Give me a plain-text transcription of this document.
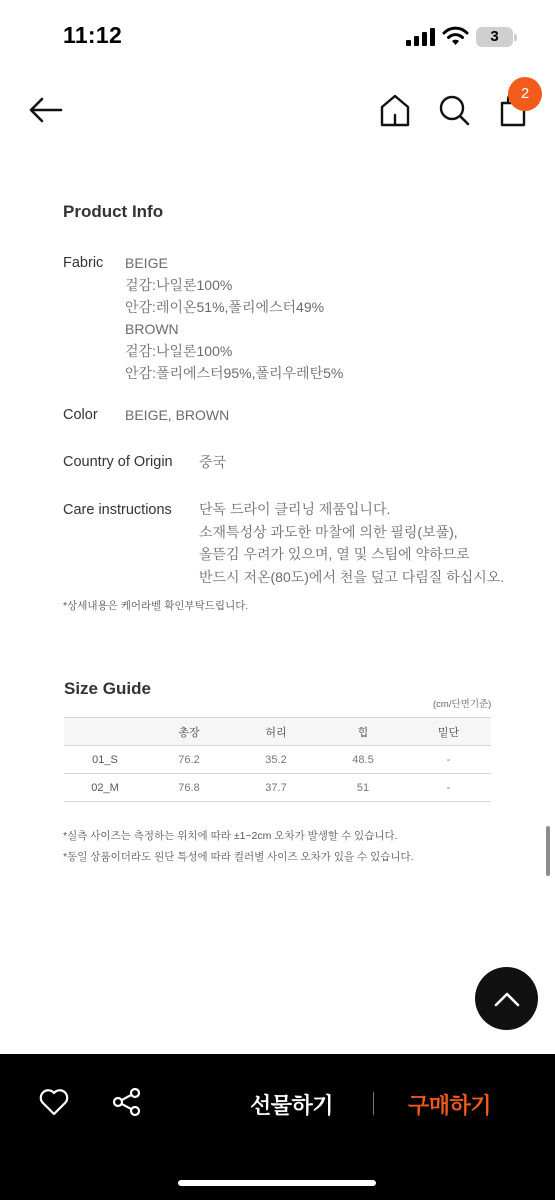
11:12	3
2
Product Info
Fabric BEIGE
겉감:나일론100%
안감:레이온51%,폴리에스터49%
BROWN
겉감:나일론100%
안감:폴리에스터95%,폴리우레탄5%
Color BEIGE, BROWN
Country of Origin 중국
Care instructions 단독 드라이 클리닝 제품입니다.
소재특성상 과도한 마찰에 의한 필링(보풀),
올뜯김 우려가 있으며, 열 및 스팀에 약하므로
반드시 저온(80도)에서 천을 덮고 다림질 하십시오.
*상세내용은 케어라벨 확인부탁드립니다.
Size Guide
(cm/단면기준)
	총장	허리	힙	밑단
01_S	76.2	35.2	48.5	-
02_M	76.8	37.7	51	-
*실측 사이즈는 측정하는 위치에 따라 ±1~2cm 오차가 발생할 수 있습니다.
*동일 상품이더라도 원단 특성에 따라 컬러별 사이즈 오차가 있을 수 있습니다.
선물하기	구매하기
